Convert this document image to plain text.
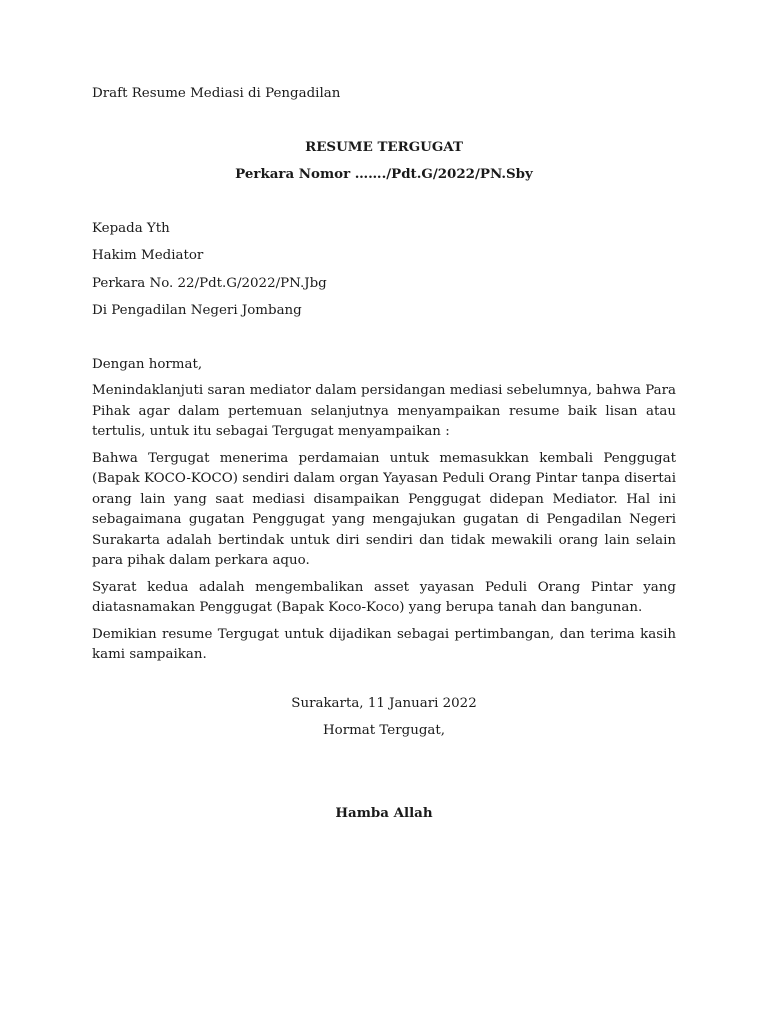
Draft Resume Mediasi di Pengadilan

RESUME TERGUGAT

Perkara Nomor ……./Pdt.G/2022/PN.Sby

Kepada Yth

Hakim Mediator

Perkara No. 22/Pdt.G/2022/PN.Jbg

Di Pengadilan Negeri Jombang

Dengan hormat,

Menindaklanjuti saran mediator dalam persidangan mediasi sebelumnya, bahwa Para Pihak agar dalam pertemuan selanjutnya menyampaikan resume baik lisan atau tertulis, untuk itu sebagai Tergugat menyampaikan :

Bahwa Tergugat menerima perdamaian untuk memasukkan kembali Penggugat (Bapak KOCO-KOCO) sendiri dalam organ Yayasan Peduli Orang Pintar tanpa disertai orang lain yang saat mediasi disampaikan Penggugat didepan Mediator. Hal ini sebagaimana gugatan Penggugat yang mengajukan gugatan di Pengadilan Negeri Surakarta adalah bertindak untuk diri sendiri dan tidak mewakili orang lain selain para pihak dalam perkara aquo.

Syarat kedua adalah mengembalikan asset yayasan Peduli Orang Pintar yang diatasnamakan Penggugat (Bapak Koco-Koco) yang berupa tanah dan bangunan.

Demikian resume Tergugat untuk dijadikan sebagai pertimbangan, dan terima kasih kami sampaikan.

Surakarta, 11 Januari 2022

Hormat Tergugat,

Hamba Allah
